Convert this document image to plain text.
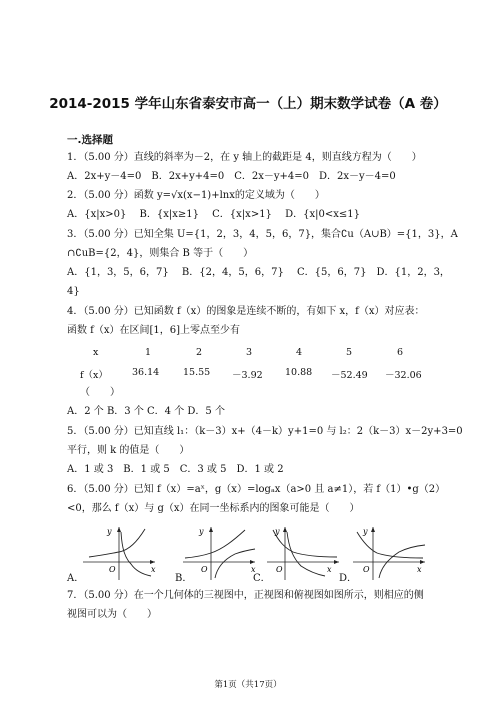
2014-2015 学年山东省泰安市高一（上）期末数学试卷（A 卷）
一.选择题
1．（5.00 分）直线的斜率为－2，在 y 轴上的截距是 4，则直线方程为（　　）
A．2x+y－4=0　B．2x+y+4=0　C．2x－y+4=0　D．2x－y－4=0
2．（5.00 分）函数 y=√x(x−1)+lnx的定义域为（　　）
A．{x|x>0}　 B．{x|x≥1}　 C．{x|x>1}　 D．{x|0<x≤1}
3．（5.00 分）已知全集 U={1，2，3，4，5，6，7}，集合∁u（A∪B）={1，3}，A
∩∁uB={2，4}，则集合 B 等于（　　）
A．{1，3，5，6，7}　 B．{2，4，5，6，7}　 C．{5，6，7}　D．{1，2，3，
4}
4．（5.00 分）已知函数 f（x）的图象是连续不断的，有如下 x，f（x）对应表：
函数 f（x）在区间[1，6]上零点至少有
x	1	2	3	4	5	6
f（x）	36.14	15.55 －3.92 10.88 －52.49 －32.06
（　　）
A．2 个 B．3 个 C．4 个 D．5 个
5．（5.00 分）已知直线 l₁：（k－3）x+（4－k）y+1=0 与 l₂：2（k－3）x－2y+3=0
平行，则 k 的值是（　　）
A．1 或 3　B．1 或 5　C．3 或 5　D．1 或 2
6．（5.00 分）已知 f（x）=aˣ，g（x）=logₐx（a>0 且 a≠1），若 f（1）•g（2）
<0，那么 f（x）与 g（x）在同一坐标系内的图象可能是（　　）
A．
y
x
O
B．
y
x
O
C．
y
x
O
D．
y
x
O
7．（5.00 分）在一个几何体的三视图中，正视图和俯视图如图所示，则相应的侧
视图可以为（　　）
第1页（共17页）
